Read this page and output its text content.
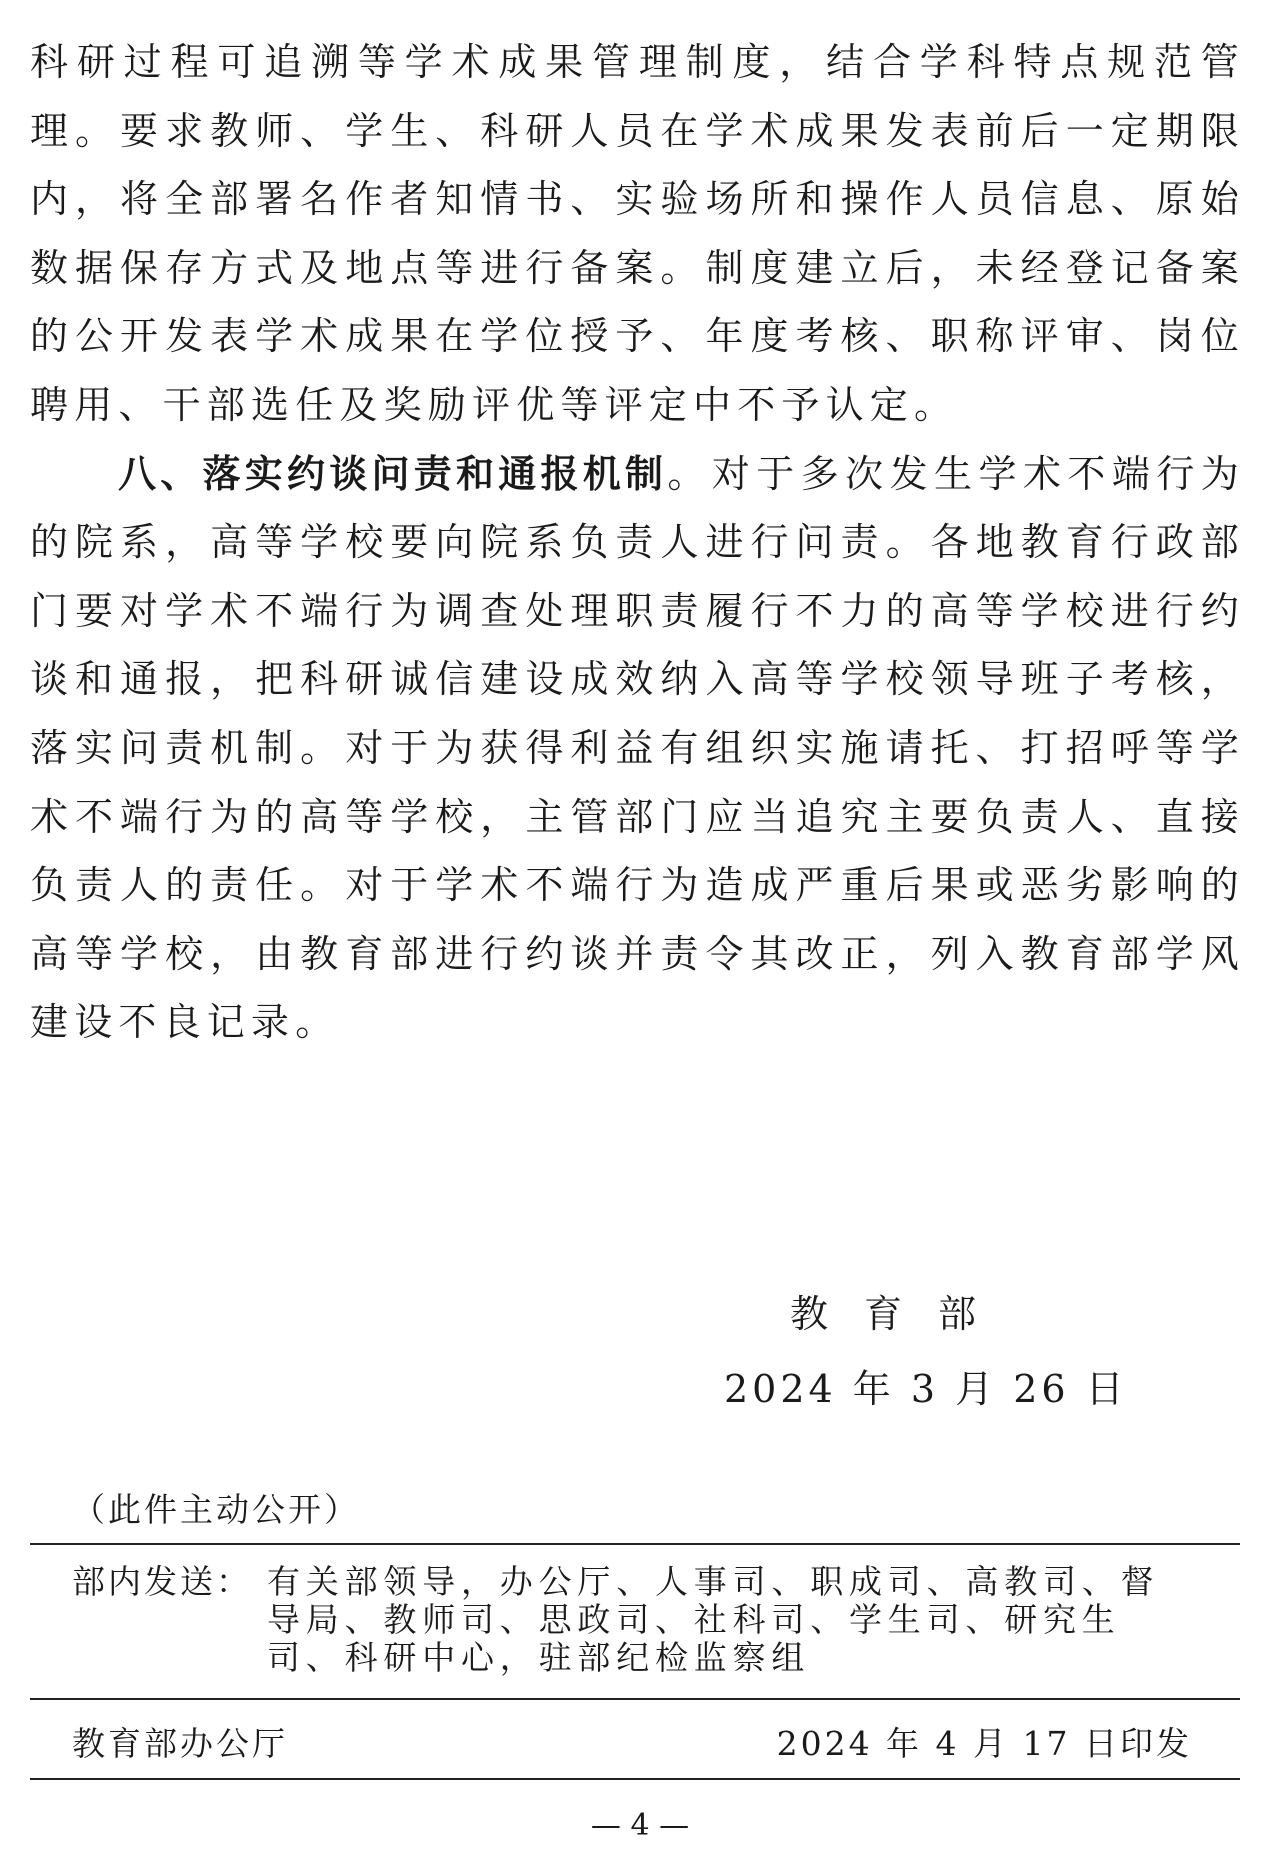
科研过程可追溯等学术成果管理制度，结合学科特点规范管理。要求教师、学生、科研人员在学术成果发表前后一定期限内，将全部署名作者知情书、实验场所和操作人员信息、原始数据保存方式及地点等进行备案。制度建立后，未经登记备案的公开发表学术成果在学位授予、年度考核、职称评审、岗位聘用、干部选任及奖励评优等评定中不予认定。

八、落实约谈问责和通报机制。对于多次发生学术不端行为的院系，高等学校要向院系负责人进行问责。各地教育行政部门要对学术不端行为调查处理职责履行不力的高等学校进行约谈和通报，把科研诚信建设成效纳入高等学校领导班子考核，落实问责机制。对于为获得利益有组织实施请托、打招呼等学术不端行为的高等学校，主管部门应当追究主要负责人、直接负责人的责任。对于学术不端行为造成严重后果或恶劣影响的高等学校，由教育部进行约谈并责令其改正，列入教育部学风建设不良记录。

教育部
2024 年 3 月 26 日
（此件主动公开）
部内发送： 有关部领导，办公厅、人事司、职成司、高教司、督导局、教师司、思政司、社科司、学生司、研究生司、科研中心，驻部纪检监察组
教育部办公厅	2024 年 4 月 17 日印发
— 4 —
